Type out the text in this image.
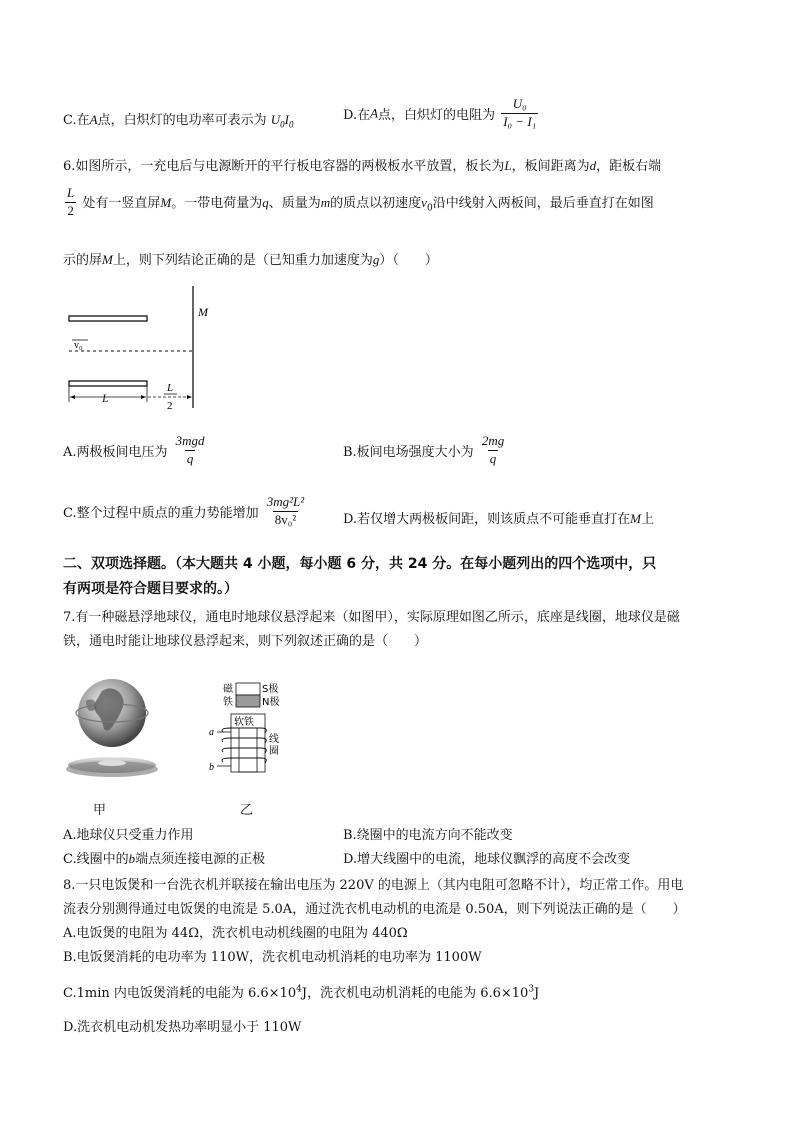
C.在A点，白炽灯的电功率可表示为 $U_0I_0$
D.在A点，白炽灯的电阻为 $\frac{\text{U₀}}{\text{I₀ − I₁}}$
6.如图所示，一充电后与电源断开的平行板电容器的两极板水平放置，板长为L，板间距离为d，距板右端
$\frac{L}{2}$ 处有一竖直屏M。一带电荷量为q、质量为m的质点以初速度$v_0$沿中线射入两板间，最后垂直打在如图
示的屏M上，则下列结论正确的是（已知重力加速度为g）（　　）
M
v₀
L
L
2
A.两极板间电压为 $\frac{\text{3mgd}}{q}$	B.板间电场强度大小为 $\frac{2mg}{q}$
C.整个过程中质点的重力势能增加 $\frac{\text{3mg²L²}}{\text{8v₀²}}$	D.若仅增大两极板间距，则该质点不可能垂直打在M上
二、双项选择题。（本大题共 4 小题，每小题 6 分，共 24 分。在每小题列出的四个选项中，只
有两项是符合题目要求的。）
7.有一种磁悬浮地球仪，通电时地球仪悬浮起来（如图甲），实际原理如图乙所示，底座是线圈，地球仪是磁
铁，通电时能让地球仪悬浮起来，则下列叙述正确的是（　　）
甲
磁
铁
S极
N极
软铁
a
b
线
圈
乙
A.地球仪只受重力作用	B.绕圈中的电流方向不能改变
C.线圈中的b端点须连接电源的正极	D.增大线圈中的电流，地球仪飘浮的高度不会改变
8.一只电饭煲和一台洗衣机并联接在输出电压为 220V 的电源上（其内电阻可忽略不计），均正常工作。用电
流表分别测得通过电饭煲的电流是 5.0A，通过洗衣机电动机的电流是 0.50A，则下列说法正确的是（　　）
A.电饭煲的电阻为 44Ω，洗衣机电动机线圈的电阻为 440Ω
B.电饭煲消耗的电功率为 110W，洗衣机电动机消耗的电功率为 1100W
C.1min 内电饭煲消耗的电能为 $6.6\times 10^4J$，洗衣机电动机消耗的电能为 $6.6\times 10^3J$
D.洗衣机电动机发热功率明显小于 110W
